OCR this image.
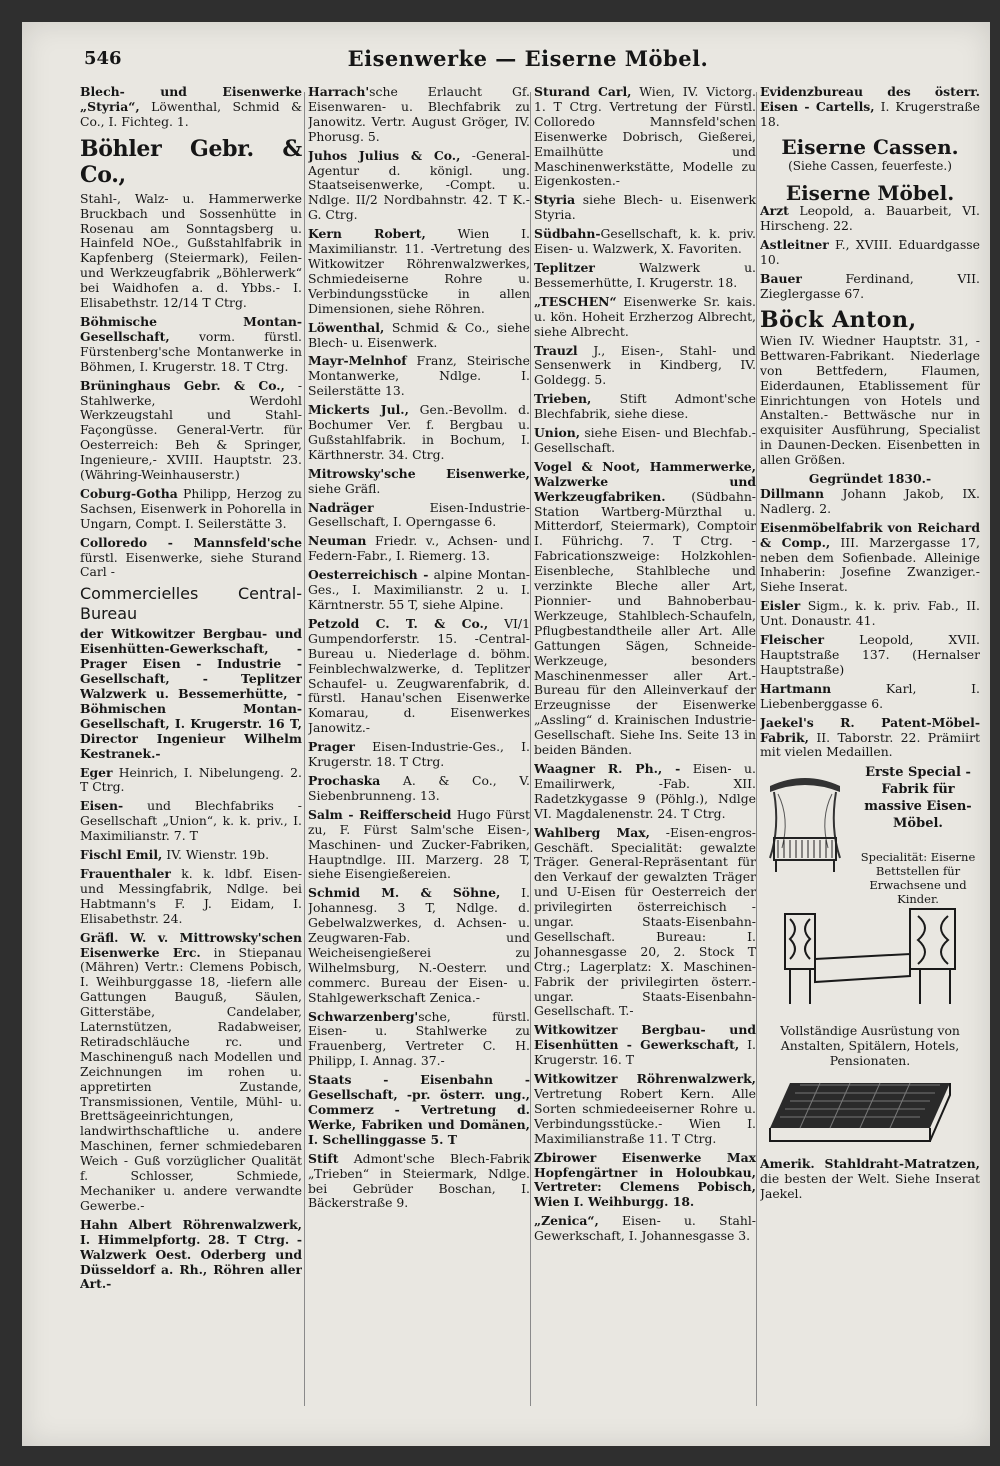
546	Eisenwerke — Eiserne Möbel.

Blech- und Eisenwerke „Styria“, Löwenthal, Schmid & Co., I. Fichteg. 1.

Böhler Gebr. & Co.,
Stahl-, Walz- u. Hammerwerke Bruckbach und Sossenhütte in Rosenau am Sonntagsberg u. Hainfeld NOe., Gußstahlfabrik in Kapfenberg (Steiermark), Feilen- und Werkzeugfabrik „Böhlerwerk“ bei Waidhofen a. d. Ybbs.- I. Elisabethstr. 12/14 T Ctrg.

Böhmische Montan-Gesellschaft, vorm. fürstl. Fürstenberg'sche Montanwerke in Böhmen, I. Krugerstr. 18. T Ctrg.

Brüninghaus Gebr. & Co., -Stahlwerke, Werdohl Werkzeugstahl und Stahl-Façongüsse. General-Vertr. für Oesterreich: Beh & Springer, Ingenieure,- XVIII. Hauptstr. 23. (Währing-Weinhauserstr.)

Coburg-Gotha Philipp, Herzog zu Sachsen, Eisenwerk in Pohorella in Ungarn, Compt. I. Seilerstätte 3.

Colloredo - Mannsfeld'sche fürstl. Eisenwerke, siehe Sturand Carl -

Commercielles Central-Bureau
der Witkowitzer Bergbau- und Eisenhütten-Gewerkschaft, -Prager Eisen - Industrie - Gesellschaft, - Teplitzer Walzwerk u. Bessemerhütte, - Böhmischen Montan-Gesellschaft, I. Krugerstr. 16 T, Director Ingenieur Wilhelm Kestranek.-

Eger Heinrich, I. Nibelungeng. 2. T Ctrg.

Eisen- und Blechfabriks - Gesellschaft „Union“, k. k. priv., I. Maximilianstr. 7. T

Fischl Emil, IV. Wienstr. 19b.

Frauenthaler k. k. ldbf. Eisen- und Messingfabrik, Ndlge. bei Habtmann's F. J. Eidam, I. Elisabethstr. 24.

Gräfl. W. v. Mittrowsky'schen Eisenwerke Erc. in Stiepanau (Mähren) Vertr.: Clemens Pobisch, I. Weihburggasse 18, -liefern alle Gattungen Bauguß, Säulen, Gitterstäbe, Candelaber, Laternstützen, Radabweiser, Retiradschläuche rc. und Maschinenguß nach Modellen und Zeichnungen im rohen u. appretirten Zustande, Transmissionen, Ventile, Mühl- u. Brettsägeeinrichtungen, landwirthschaftliche u. andere Maschinen, ferner schmiedebaren Weich - Guß vorzüglicher Qualität f. Schlosser, Schmiede, Mechaniker u. andere verwandte Gewerbe.-

Hahn Albert Röhrenwalzwerk, I. Himmelpfortg. 28. T Ctrg. -Walzwerk Oest. Oderberg und Düsseldorf a. Rh., Röhren aller Art.-

Harrach'sche Erlaucht Gf. Eisenwaren- u. Blechfabrik zu Janowitz. Vertr. August Gröger, IV. Phorusg. 5.

Juhos Julius & Co., -General-Agentur d. königl. ung. Staatseisenwerke, -Compt. u. Ndlge. II/2 Nordbahnstr. 42. T K.-G. Ctrg.

Kern Robert,	Wien I. Maximilianstr. 11. -Vertretung des Witkowitzer Röhrenwalzwerkes, Schmiedeiserne Rohre u. Verbindungsstücke in allen Dimensionen, siehe Röhren.

Löwenthal, Schmid & Co., siehe Blech- u. Eisenwerk.

Mayr-Melnhof Franz, Steirische Montanwerke, Ndlge. I. Seilerstätte 13.

Mickerts Jul., Gen.-Bevollm. d. Bochumer Ver. f. Bergbau u. Gußstahlfabrik. in Bochum, I. Kärthnerstr. 34. Ctrg.

Mitrowsky'sche Eisenwerke, siehe Gräfl.

Nadräger	Eisen-Industrie-Gesellschaft, I. Operngasse 6.

Neuman Friedr. v., Achsen- und Federn-Fabr., I. Riemerg. 13.

Oesterreichisch - alpine Montan-Ges., I. Maximilianstr. 2 u. I. Kärntnerstr. 55 T, siehe Alpine.

Petzold C. T. & Co., VI/1 Gumpendorferstr. 15. -Central-Bureau u. Niederlage d. böhm. Feinblechwalzwerke, d. Teplitzer Schaufel- u. Zeugwarenfabrik, d. fürstl. Hanau'schen Eisenwerke Komarau, d. Eisenwerkes Janowitz.-

Prager Eisen-Industrie-Ges., I. Krugerstr. 18. T Ctrg.

Prochaska A. & Co., V. Siebenbrunneng. 13.

Salm - Reifferscheid Hugo Fürst zu, F. Fürst Salm'sche Eisen-, Maschinen- und Zucker-Fabriken, Hauptndlge. III. Marzerg. 28 T, siehe Eisengießereien.

Schmid M. & Söhne, I. Johannesg. 3 T, Ndlge. d. Gebelwalzwerkes, d. Achsen- u. Zeugwaren-Fab. und Weicheisengießerei zu Wilhelmsburg, N.-Oesterr. und commerc. Bureau der Eisen- u. Stahlgewerkschaft Zenica.-

Schwarzenberg'sche, fürstl. Eisen- u. Stahlwerke zu Frauenberg, Vertreter C. H. Philipp, I. Annag. 37.-

Staats - Eisenbahn - Gesellschaft, -pr. österr. ung., Commerz - Vertretung d. Werke, Fabriken und Domänen, I. Schellinggasse 5. T

Stift Admont'sche Blech-Fabrik „Trieben“ in Steiermark, Ndlge. bei Gebrüder Boschan, I. Bäckerstraße 9.

Sturand Carl, Wien, IV. Victorg. 1. T Ctrg. Vertretung der Fürstl. Colloredo Mannsfeld'schen Eisenwerke Dobrisch, Gießerei, Emailhütte und Maschinenwerkstätte, Modelle zu Eigenkosten.-

Styria siehe Blech- u. Eisenwerk Styria.

Südbahn-Gesellschaft, k. k. priv. Eisen- u. Walzwerk, X. Favoriten.

Teplitzer	Walzwerk u. Bessemerhütte, I. Krugerstr. 18.

„TESCHEN“ Eisenwerke Sr. kais. u. kön. Hoheit Erzherzog Albrecht, siehe Albrecht.

Trauzl J., Eisen-, Stahl- und Sensenwerk in Kindberg, IV. Goldegg. 5.

Trieben, Stift Admont'sche Blechfabrik, siehe diese.

Union, siehe Eisen- und Blechfab.-Gesellschaft.

Vogel & Noot, Hammerwerke, Walzwerke und Werkzeugfabriken. (Südbahn-Station Wartberg-Mürzthal u. Mitterdorf, Steiermark), Comptoir I. Führichg. 7. T Ctrg. -Fabricationszweige: Holzkohlen-Eisenbleche, Stahlbleche und verzinkte Bleche aller Art, Pionnier- und Bahnoberbau-Werkzeuge, Stahlblech-Schaufeln, Pflugbestandtheile aller Art. Alle Gattungen Sägen, Schneide-Werkzeuge, besonders Maschinenmesser aller Art.- Bureau für den Alleinverkauf der Erzeugnisse der Eisenwerke „Assling“ d. Krainischen Industrie-Gesellschaft. Siehe Ins. Seite 13 in beiden Bänden.

Waagner R. Ph., - Eisen- u. Emailirwerk, -Fab. XII. Radetzkygasse 9 (Pöhlg.), Ndlge VI. Magdalenenstr. 24. T Ctrg.

Wahlberg Max, -Eisen-engros-Geschäft. Specialität: gewalzte Träger. General-Repräsentant für den Verkauf der gewalzten Träger und U-Eisen für Oesterreich der privilegirten österreichisch - ungar. Staats-Eisenbahn-Gesellschaft. Bureau: I. Johannesgasse 20, 2. Stock T Ctrg.; Lagerplatz: X. Maschinen-Fabrik der privilegirten österr.-ungar. Staats-Eisenbahn-Gesellschaft. T.-

Witkowitzer Bergbau- und Eisenhütten - Gewerkschaft, I. Krugerstr. 16. T

Witkowitzer Röhrenwalzwerk, Vertretung Robert Kern. Alle Sorten schmiedeeiserner Rohre u. Verbindungsstücke.- Wien I. Maximilianstraße 11. T Ctrg.

Zbirower Eisenwerke Max Hopfengärtner in Holoubkau, Vertreter: Clemens Pobisch, Wien I. Weihburgg. 18.

„Zenica“, Eisen- u. Stahl-Gewerkschaft, I. Johannesgasse 3.

Evidenzbureau des österr. Eisen - Cartells, I. Krugerstraße 18.

Eiserne Cassen.
(Siehe Cassen, feuerfeste.)
Eiserne Möbel.

Arzt Leopold, a. Bauarbeit, VI. Hirscheng. 22.

Astleitner F., XVIII. Eduardgasse 10.

Bauer	Ferdinand, VII. Zieglergasse 67.

Böck Anton,

Wien IV. Wiedner Hauptstr. 31, -Bettwaren-Fabrikant. Niederlage von Bettfedern, Flaumen, Eiderdaunen, Etablissement für Einrichtungen von Hotels und Anstalten.- Bettwäsche nur in exquisiter Ausführung, Specialist in Daunen-Decken. Eisenbetten in allen Größen.

Gegründet 1830.-

Dillmann Johann Jakob, IX. Nadlerg. 2.

Eisenmöbelfabrik von Reichard & Comp., III. Marzergasse 17, neben dem Sofienbade. Alleinige Inhaberin: Josefine Zwanziger.- Siehe Inserat.

Eisler Sigm., k. k. priv. Fab., II. Unt. Donaustr. 41.

Fleischer	Leopold, XVII. Hauptstraße 137. (Hernalser Hauptstraße)

Hartmann	Karl, I. Liebenberggasse 6.

Jaekel's R. Patent-Möbel-Fabrik, II. Taborstr. 22. Prämiirt mit vielen Medaillen.

Erste Special - Fabrik für massive Eisen-Möbel.
Specialität: Eiserne Bettstellen für Erwachsene und Kinder.

Vollständige Ausrüstung von Anstalten, Spitälern, Hotels, Pensionaten.

Amerik. Stahldraht-Matratzen, die besten der Welt. Siehe Inserat Jaekel.
